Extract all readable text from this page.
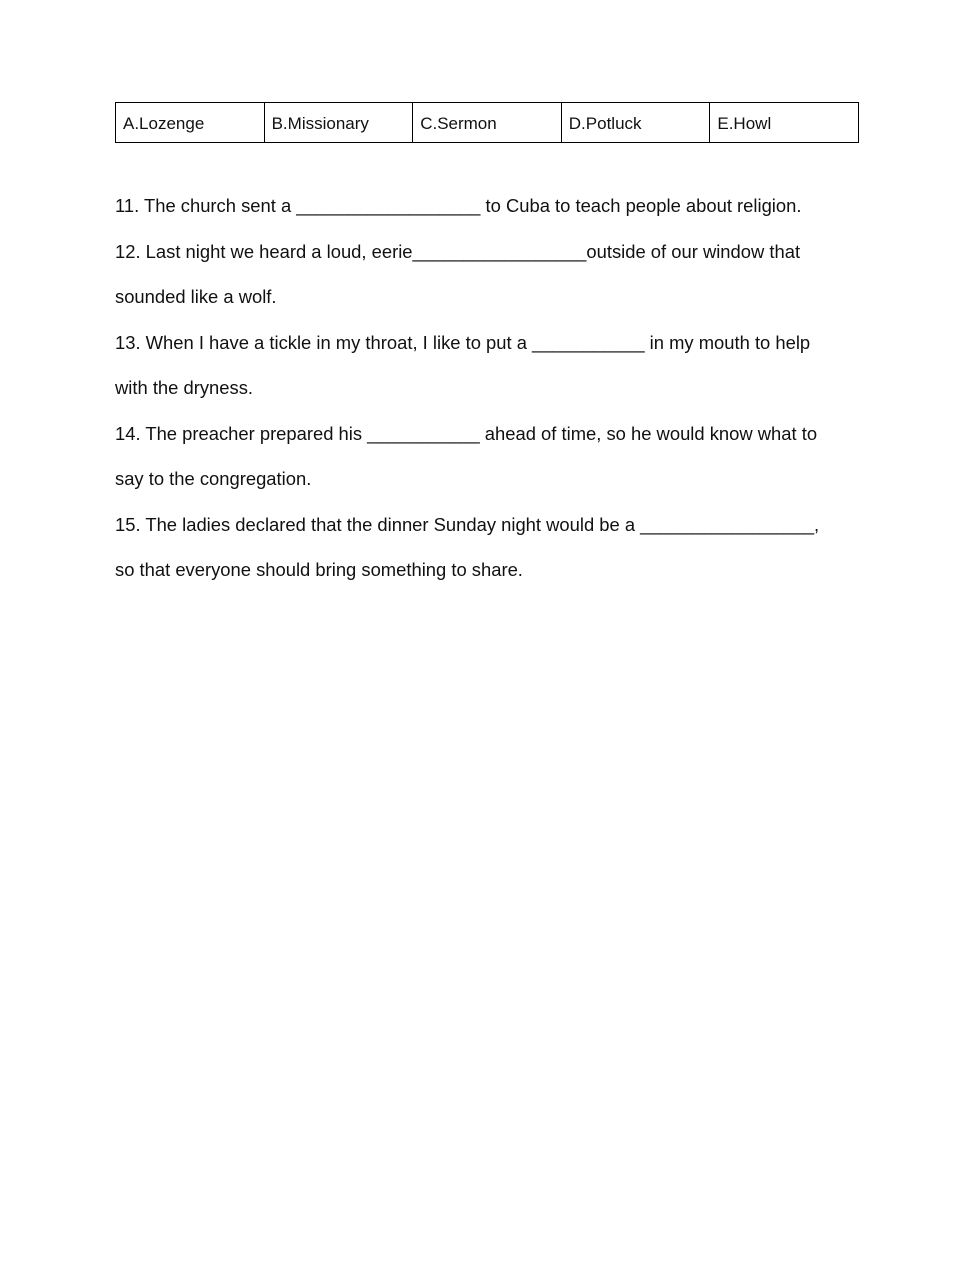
A.Lozenge	B.Missionary	C.Sermon	D.Potluck	E.Howl
11. The church sent a __________________ to Cuba to teach people about religion.
12. Last night we heard a loud, eerie_________________outside of our window that
sounded like a wolf.
13. When I have a tickle in my throat, I like to put a ___________ in my mouth to help
with the dryness.
14. The preacher prepared his ___________ ahead of time, so he would know what to
say to the congregation.
15. The ladies declared that the dinner Sunday night would be a _________________,
so that everyone should bring something to share.
